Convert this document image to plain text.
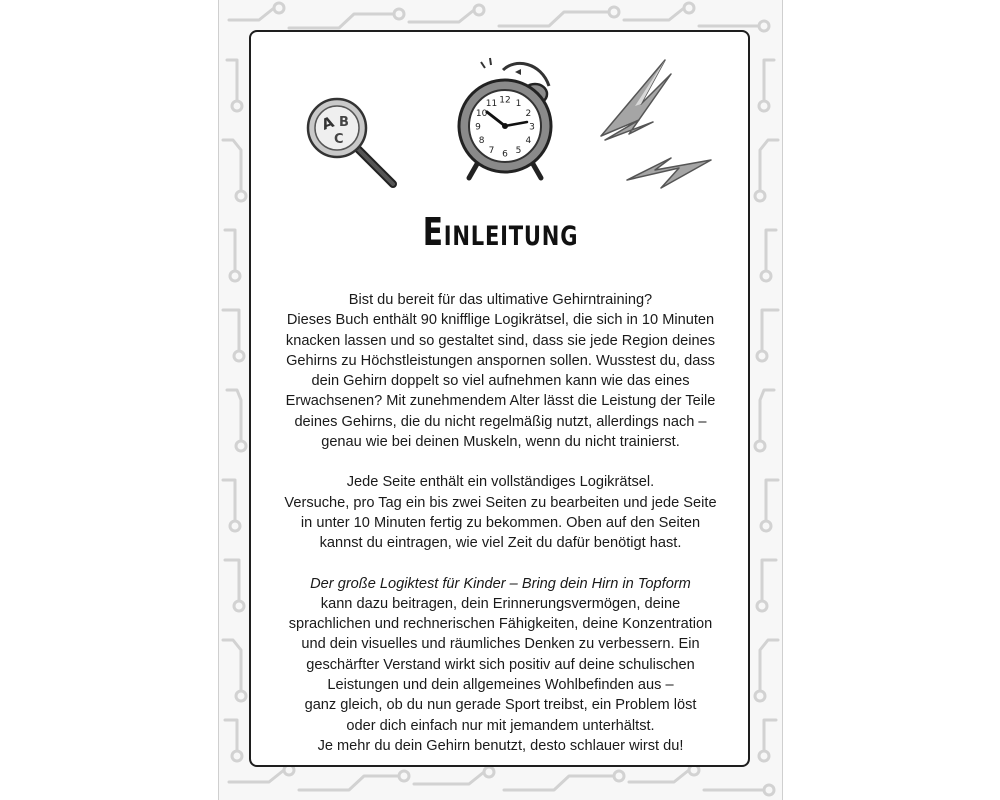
A B
C
12 1
2
3
4
5
6
7
8
9
10
11
Einleitung

Bist du bereit für das ultimative Gehirntraining?
Dieses Buch enthält 90 knifflige Logikrätsel, die sich in 10 Minuten
knacken lassen und so gestaltet sind, dass sie jede Region deines
Gehirns zu Höchstleistungen anspornen sollen. Wusstest du, dass
dein Gehirn doppelt so viel aufnehmen kann wie das eines
Erwachsenen? Mit zunehmendem Alter lässt die Leistung der Teile
deines Gehirns, die du nicht regelmäßig nutzt, allerdings nach –
genau wie bei deinen Muskeln, wenn du nicht trainierst.

Jede Seite enthält ein vollständiges Logikrätsel.
Versuche, pro Tag ein bis zwei Seiten zu bearbeiten und jede Seite
in unter 10 Minuten fertig zu bekommen. Oben auf den Seiten
kannst du eintragen, wie viel Zeit du dafür benötigt hast.

Der große Logiktest für Kinder – Bring dein Hirn in Topform
kann dazu beitragen, dein Erinnerungsvermögen, deine
sprachlichen und rechnerischen Fähigkeiten, deine Konzentration
und dein visuelles und räumliches Denken zu verbessern. Ein
geschärfter Verstand wirkt sich positiv auf deine schulischen
Leistungen und dein allgemeines Wohlbefinden aus –
ganz gleich, ob du nun gerade Sport treibst, ein Problem löst
oder dich einfach nur mit jemandem unterhältst.
Je mehr du dein Gehirn benutzt, desto schlauer wirst du!
